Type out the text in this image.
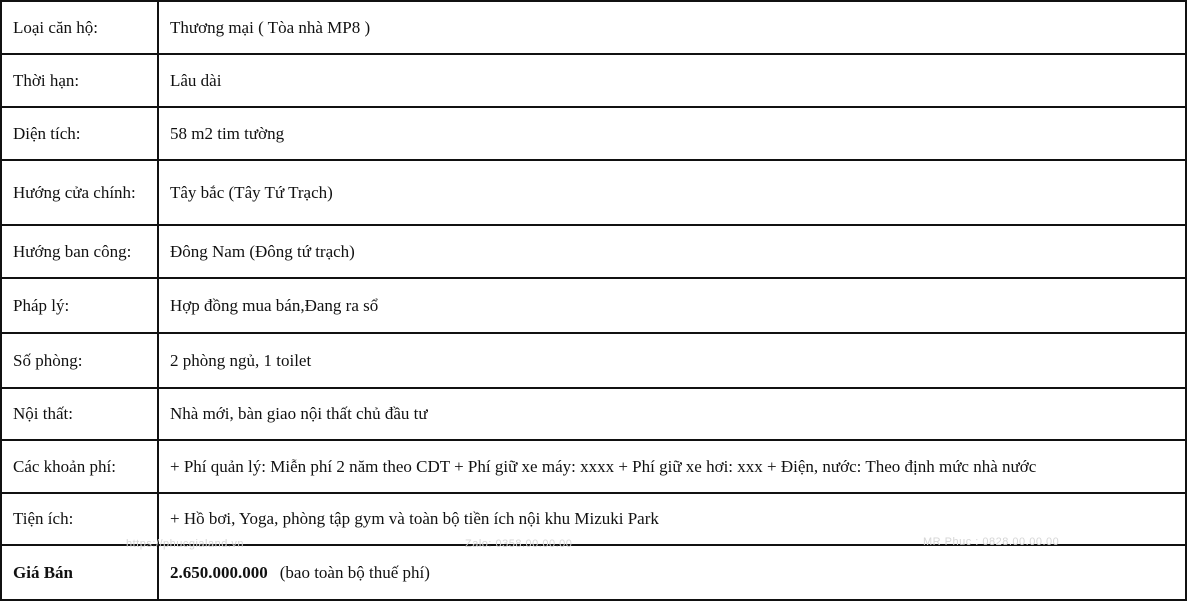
Loại căn hộ:	Thương mại ( Tòa nhà MP8 )
Thời hạn:	Lâu dài
Diện tích:	58 m2 tim tường
Hướng cửa chính:	Tây bắc (Tây Tứ Trạch)
Hướng ban công:	Đông Nam (Đông tứ trạch)
Pháp lý:	Hợp đồng mua bán,Đang ra sổ
Số phòng:	2 phòng ngủ, 1 toilet
Nội thất:	Nhà mới, bàn giao nội thất chủ đầu tư
Các khoản phí:	+ Phí quản lý: Miễn phí 2 năm theo CDT + Phí giữ xe máy: xxxx + Phí giữ xe hơi: xxx + Điện, nước: Theo định mức nhà nước
Tiện ích:	+ Hồ bơi, Yoga, phòng tập gym và toàn bộ tiền ích nội khu Mizuki Park
Giá Bán	2.650.000.000 (bao toàn bộ thuế phí)
https://phucgialand.vn	Zalo: 0358.00.00.00	MR Phuc : 0828.00.00.00
